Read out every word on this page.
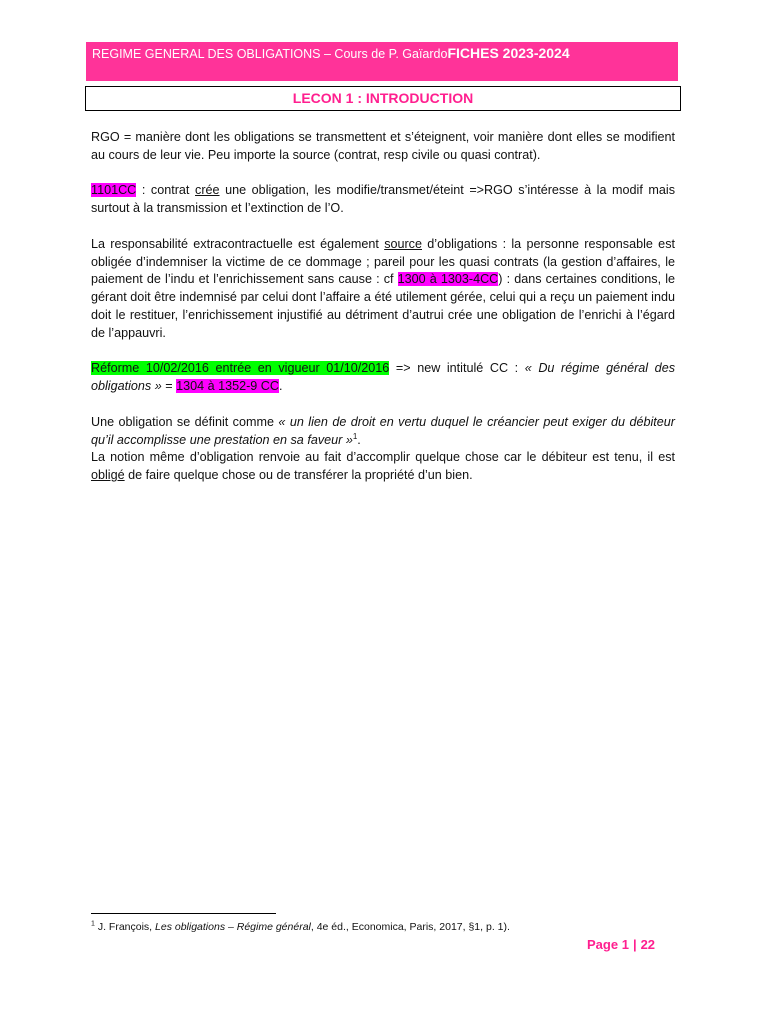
REGIME GENERAL DES OBLIGATIONS – Cours de P. GaïardoFICHES 2023-2024
LECON 1 : INTRODUCTION

RGO = manière dont les obligations se transmettent et s’éteignent, voir manière dont elles se modifient au cours de leur vie. Peu importe la source (contrat, resp civile ou quasi contrat).

1101CC : contrat crée une obligation, les modifie/transmet/éteint =>RGO s’intéresse à la modif mais surtout à la transmission et l’extinction de l’O.

La responsabilité extracontractuelle est également source d’obligations : la personne responsable est obligée d’indemniser la victime de ce dommage ; pareil pour les quasi contrats (la gestion d’affaires, le paiement de l’indu et l’enrichissement sans cause : cf 1300 à 1303-4CC) : dans certaines conditions, le gérant doit être indemnisé par celui dont l’affaire a été utilement gérée, celui qui a reçu un paiement indu doit le restituer, l’enrichissement injustifié au détriment d’autrui crée une obligation de l’enrichi à l’égard de l’appauvri.

Réforme 10/02/2016 entrée en vigueur 01/10/2016 => new intitulé CC : « Du régime général des obligations » = 1304 à 1352-9 CC.

Une obligation se définit comme « un lien de droit en vertu duquel le créancier peut exiger du débiteur qu’il accomplisse une prestation en sa faveur »$^1$.

La notion même d’obligation renvoie au fait d’accomplir quelque chose car le débiteur est tenu, il est obligé de faire quelque chose ou de transférer la propriété d’un bien.

$^1$ J. François, Les obligations – Régime général, 4e éd., Economica, Paris, 2017, §1, p. 1).
Page 1 | 22
